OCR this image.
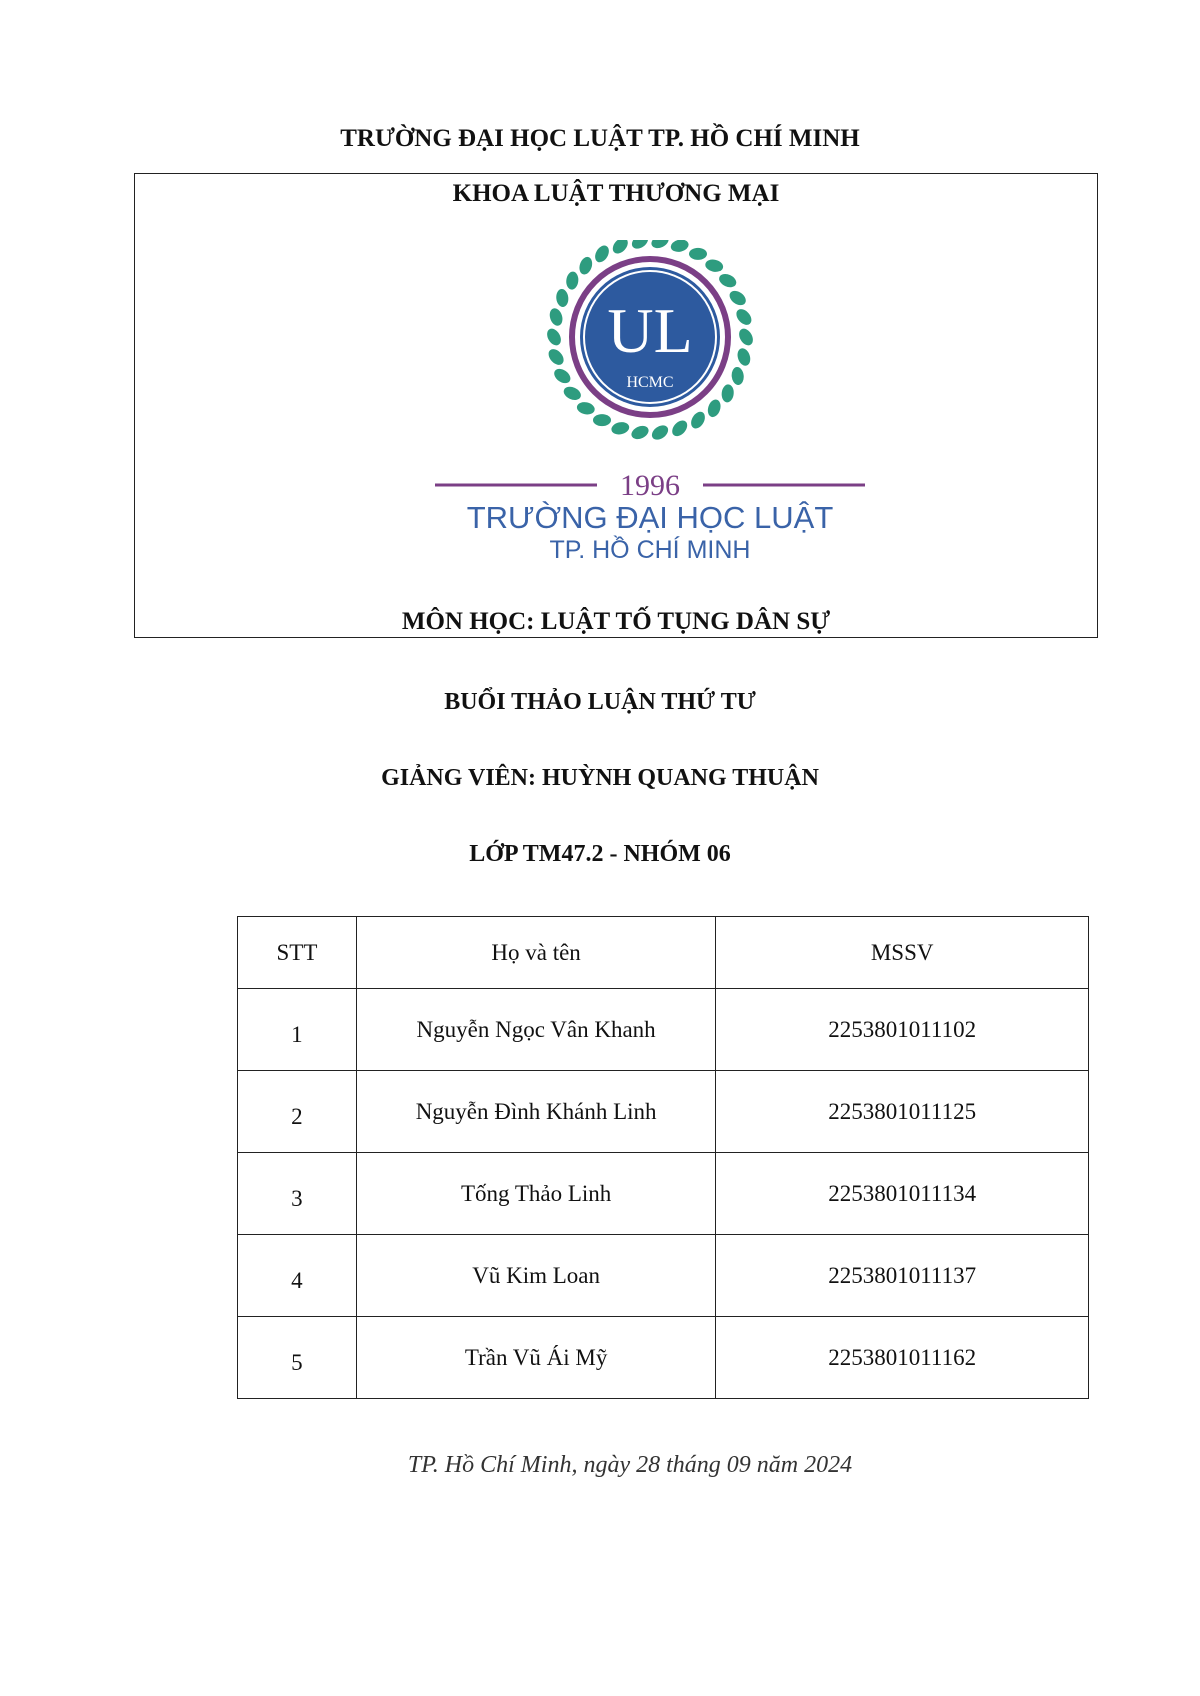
TRƯỜNG ĐẠI HỌC LUẬT TP. HỒ CHÍ MINH
KHOA LUẬT THƯƠNG MẠI
UL
HCMC
1996
TRƯỜNG ĐẠI HỌC LUẬT
TP. HỒ CHÍ MINH
MÔN HỌC: LUẬT TỐ TỤNG DÂN SỰ
BUỔI THẢO LUẬN THỨ TƯ
GIẢNG VIÊN: HUỲNH QUANG THUẬN
LỚP TM47.2 - NHÓM 06
STT	Họ và tên	MSSV
1	Nguyễn Ngọc Vân Khanh	2253801011102
2	Nguyễn Đình Khánh Linh	2253801011125
3	Tống Thảo Linh	2253801011134
4	Vũ Kim Loan	2253801011137
5	Trần Vũ Ái Mỹ	2253801011162
TP. Hồ Chí Minh, ngày 28 tháng 09 năm 2024
